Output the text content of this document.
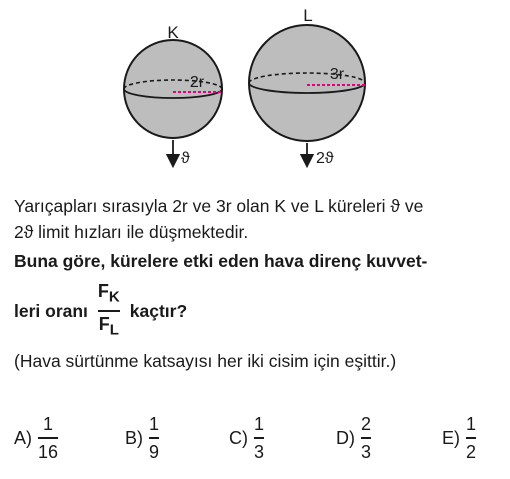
K
2r
ϑ
L
3r
2ϑ
Yarıçapları sırasıyla 2r ve 3r olan K ve L küreleri ϑ ve
2ϑ limit hızları ile düşmektedir.
Buna göre, kürelere etki eden hava direnç kuvvet-
leri oranı $\frac{F_K}{F_L}$ kaçtır?
(Hava sürtünme katsayısı her iki cisim için eşittir.)
$A) \frac{1}{16}$	$B) \frac{1}{9}$	$C) \frac{1}{3}$	$D) \frac{2}{3}$	$E) \frac{1}{2}$
